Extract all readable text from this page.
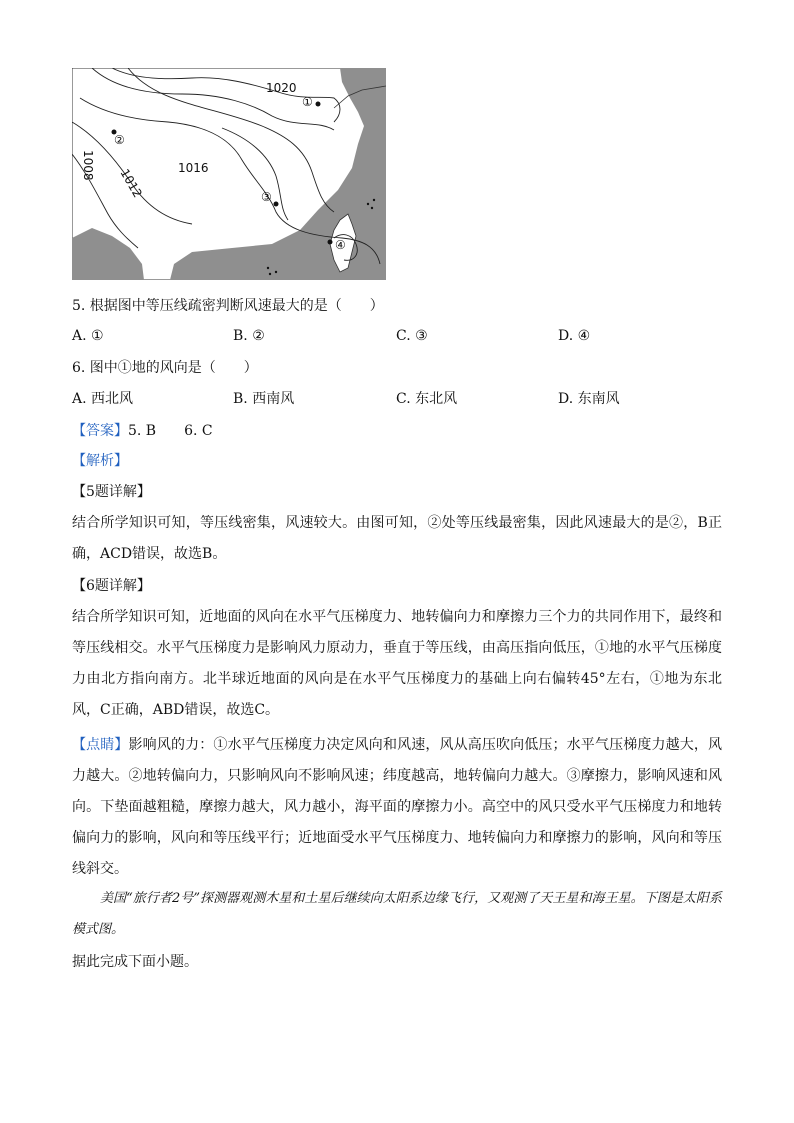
1020
1016
1012
1008
①
②
③
④
5. 根据图中等压线疏密判断风速最大的是（　　）
A. ①	B. ②	C. ③	D. ④
6. 图中①地的风向是（　　）
A. 西北风	B. 西南风	C. 东北风	D. 东南风
【答案】5. B　　6. C
【解析】
【5题详解】
结合所学知识可知，等压线密集，风速较大。由图可知，②处等压线最密集，因此风速最大的是②，B正确，ACD错误，故选B。
【6题详解】
结合所学知识可知，近地面的风向在水平气压梯度力、地转偏向力和摩擦力三个力的共同作用下，最终和等压线相交。水平气压梯度力是影响风力原动力，垂直于等压线，由高压指向低压，①地的水平气压梯度力由北方指向南方。北半球近地面的风向是在水平气压梯度力的基础上向右偏转45°左右，①地为东北风，C正确，ABD错误，故选C。
【点睛】影响风的力：①水平气压梯度力决定风向和风速，风从高压吹向低压；水平气压梯度力越大，风力越大。②地转偏向力，只影响风向不影响风速；纬度越高，地转偏向力越大。③摩擦力，影响风速和风向。下垫面越粗糙，摩擦力越大，风力越小，海平面的摩擦力小。高空中的风只受水平气压梯度力和地转偏向力的影响，风向和等压线平行；近地面受水平气压梯度力、地转偏向力和摩擦力的影响，风向和等压线斜交。
美国“旅行者2号”探测器观测木星和土星后继续向太阳系边缘飞行，又观测了天王星和海王星。下图是太阳系模式图。
据此完成下面小题。
